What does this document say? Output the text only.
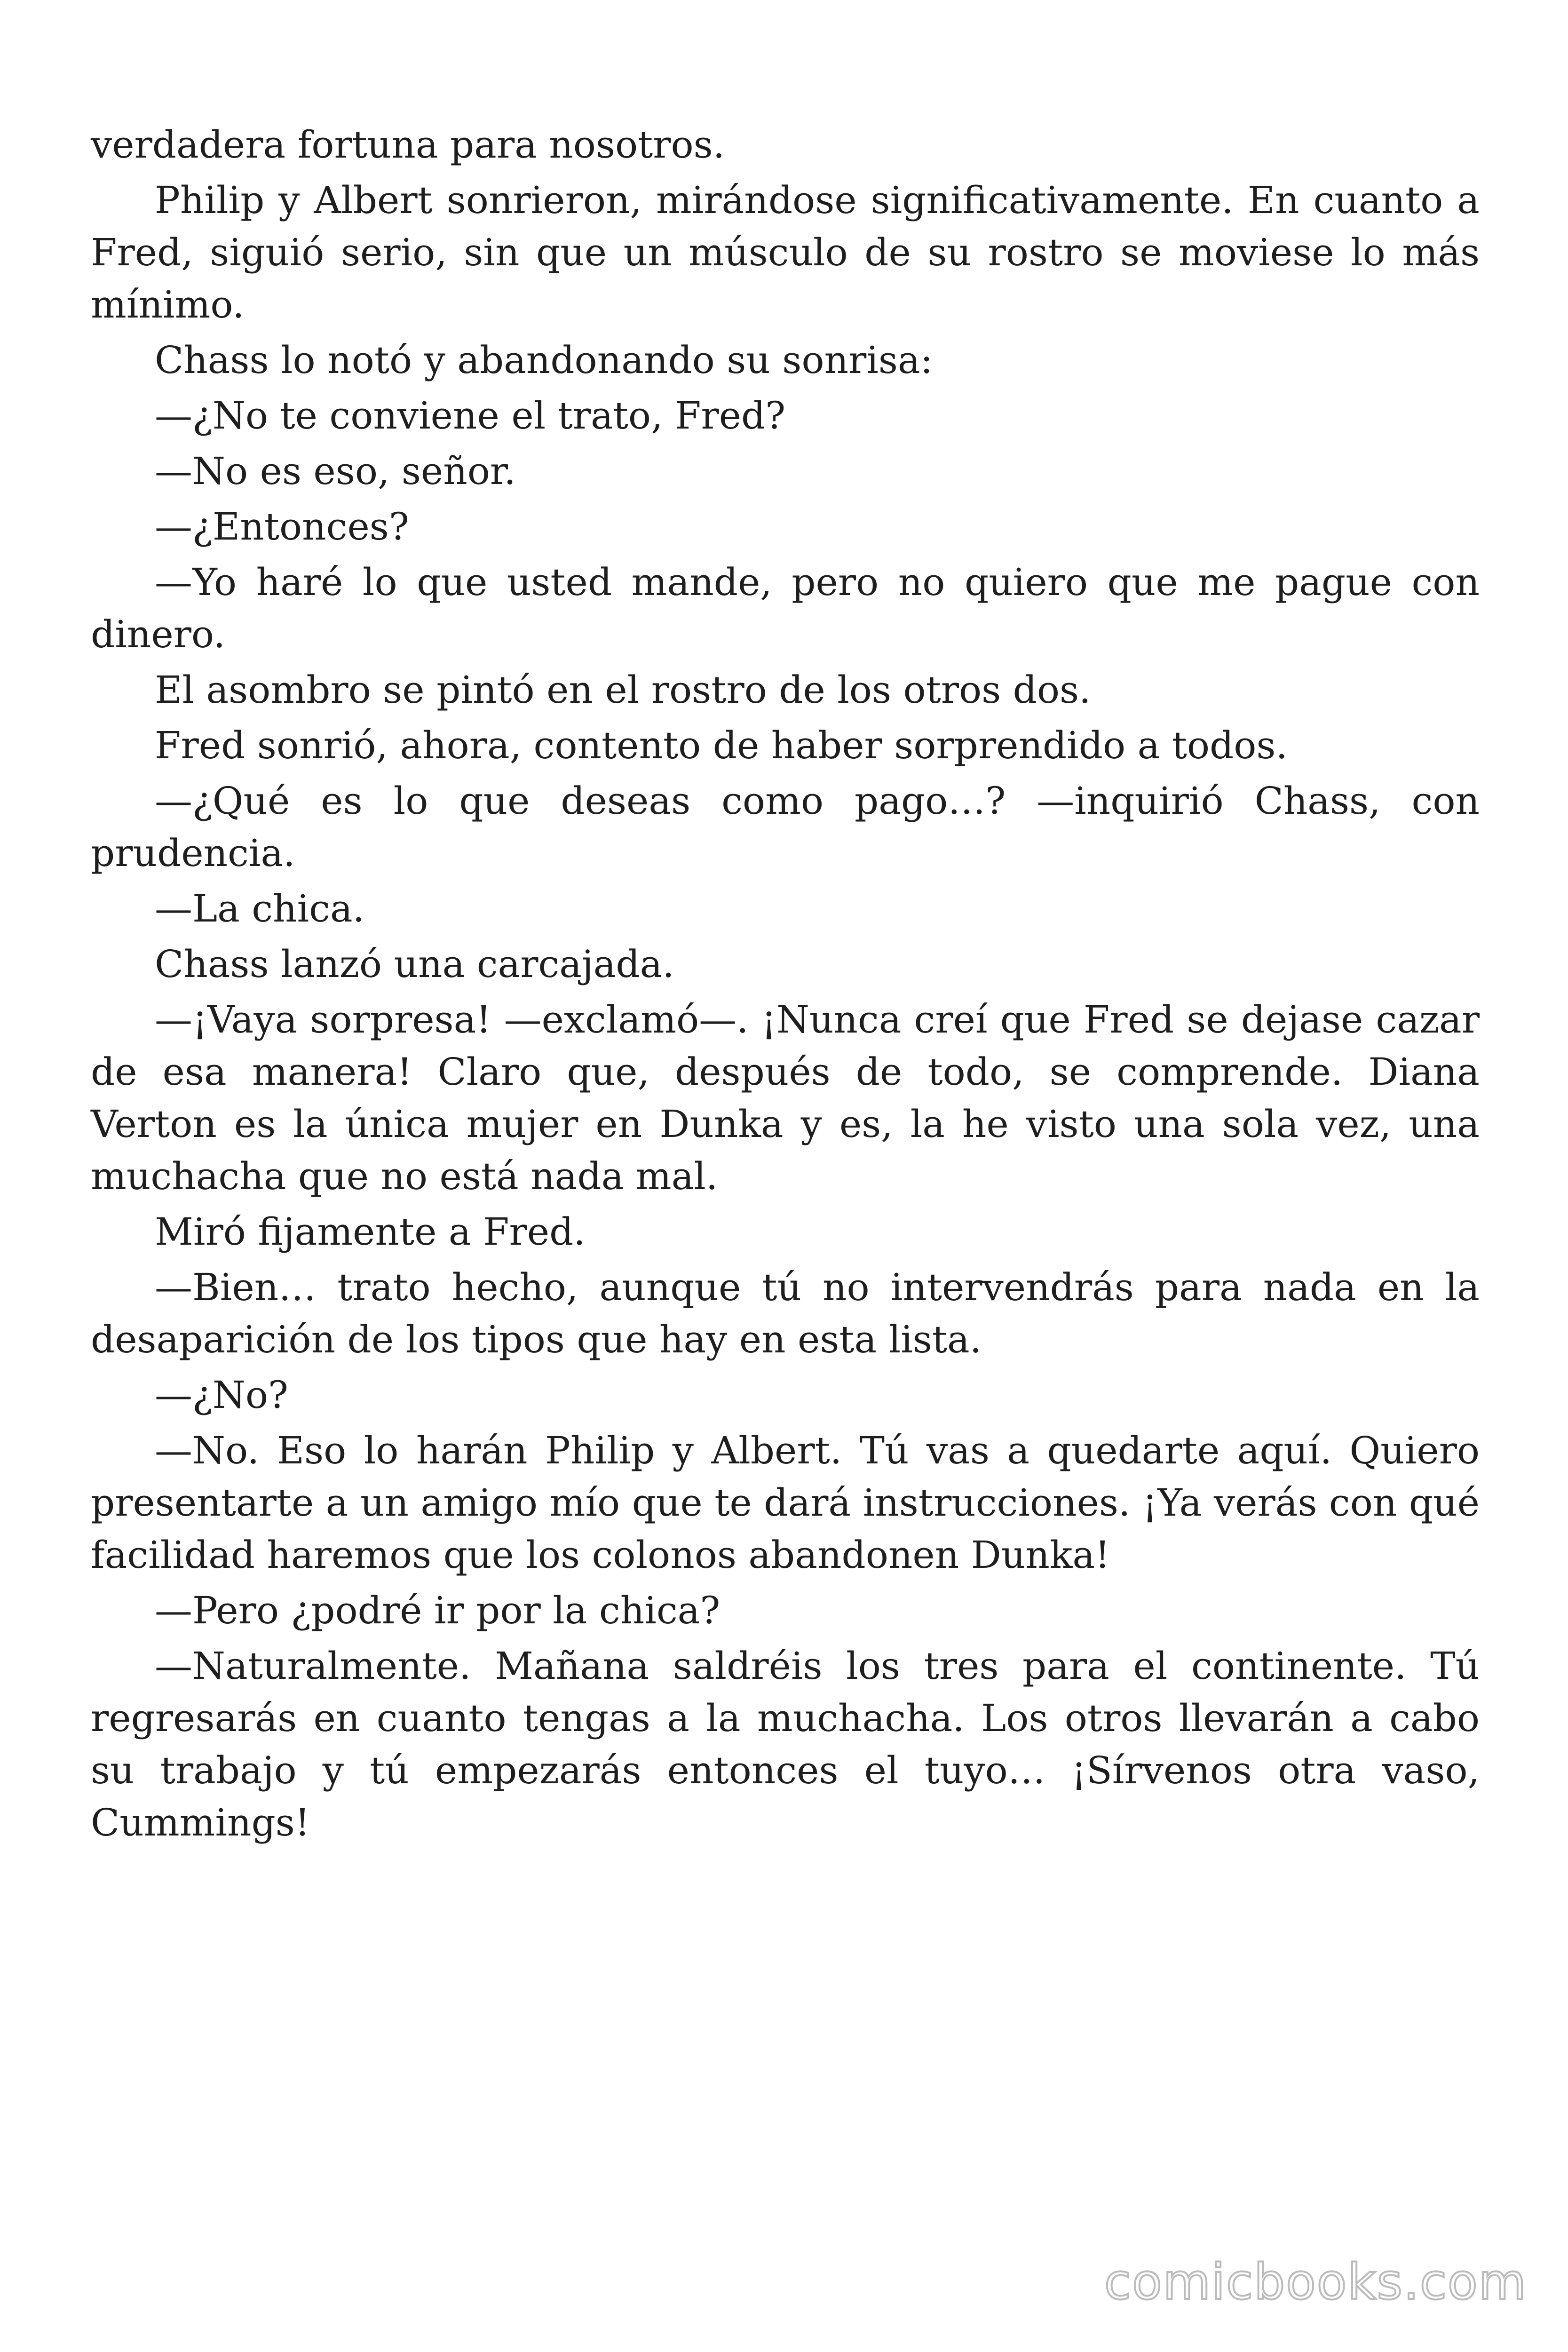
verdadera fortuna para nosotros.

Philip y Albert sonrieron, mirándose significativamente. En cuanto a Fred, siguió serio, sin que un músculo de su rostro se moviese lo más mínimo.

Chass lo notó y abandonando su sonrisa:

—¿No te conviene el trato, Fred?

—No es eso, señor.

—¿Entonces?

—Yo haré lo que usted mande, pero no quiero que me pague con dinero.

El asombro se pintó en el rostro de los otros dos.

Fred sonrió, ahora, contento de haber sorprendido a todos.

—¿Qué es lo que deseas como pago…? —inquirió Chass, con prudencia.

—La chica.

Chass lanzó una carcajada.

—¡Vaya sorpresa! —exclamó—. ¡Nunca creí que Fred se dejase cazar de esa manera! Claro que, después de todo, se comprende. Diana Verton es la única mujer en Dunka y es, la he visto una sola vez, una muchacha que no está nada mal.

Miró fijamente a Fred.

—Bien… trato hecho, aunque tú no intervendrás para nada en la desaparición de los tipos que hay en esta lista.

—¿No?

—No. Eso lo harán Philip y Albert. Tú vas a quedarte aquí. Quiero presentarte a un amigo mío que te dará instrucciones. ¡Ya verás con qué facilidad haremos que los colonos abandonen Dunka!

—Pero ¿podré ir por la chica?

—Naturalmente. Mañana saldréis los tres para el continente. Tú regresarás en cuanto tengas a la muchacha. Los otros llevarán a cabo su trabajo y tú empezarás entonces el tuyo… ¡Sírvenos otra vaso, Cummings!

comicbooks.com
